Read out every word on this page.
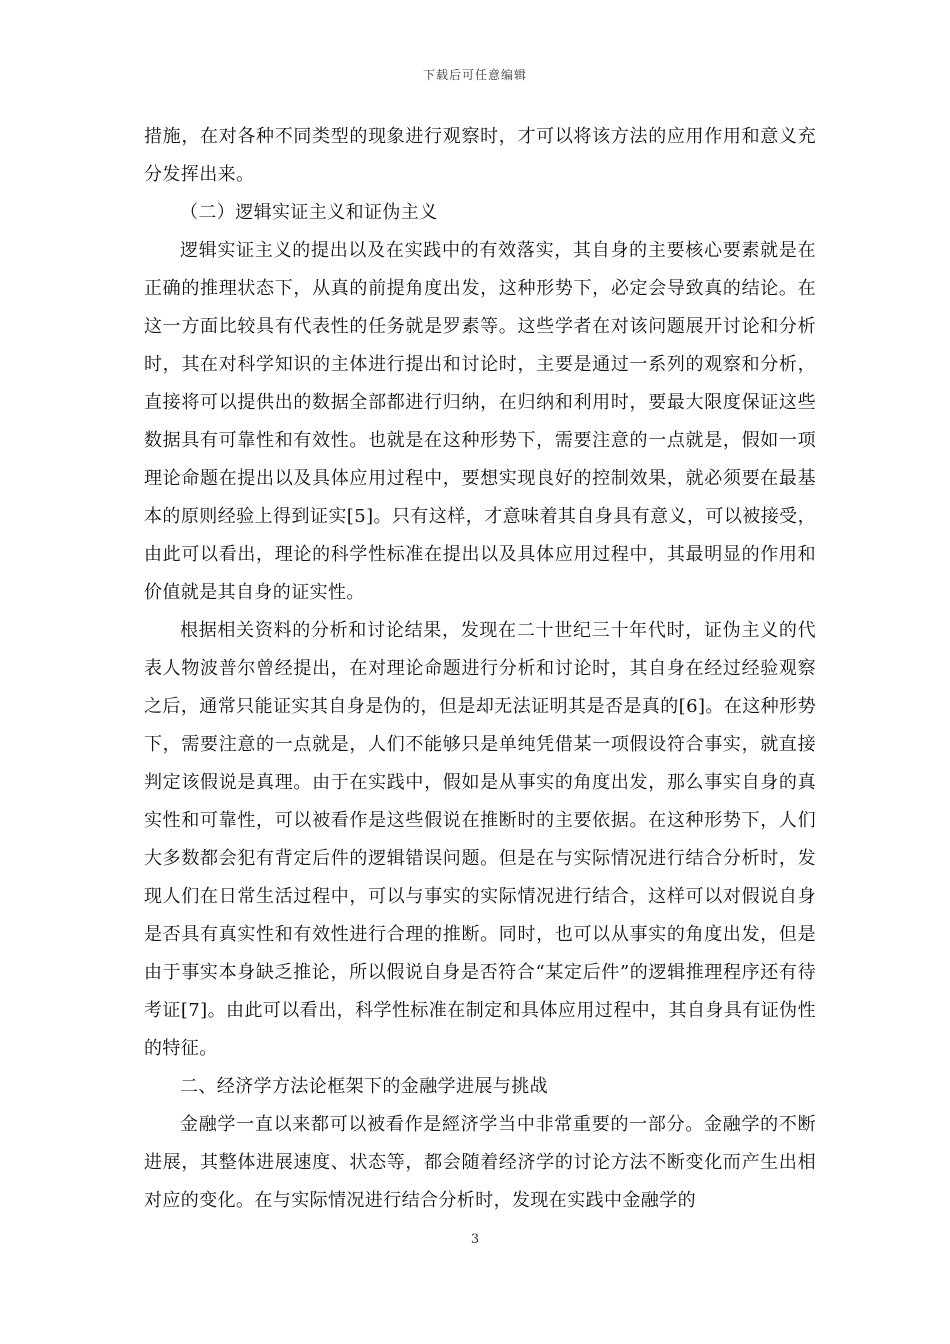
下载后可任意编辑

措施，在对各种不同类型的现象进行观察时，才可以将该方法的应用作用和意义充分发挥出来。

（二）逻辑实证主义和证伪主义

逻辑实证主义的提出以及在实践中的有效落实，其自身的主要核心要素就是在正确的推理状态下，从真的前提角度出发，这种形势下，必定会导致真的结论。在这一方面比较具有代表性的任务就是罗素等。这些学者在对该问题展开讨论和分析时，其在对科学知识的主体进行提出和讨论时，主要是通过一系列的观察和分析，直接将可以提供出的数据全部都进行归纳，在归纳和利用时，要最大限度保证这些数据具有可靠性和有效性。也就是在这种形势下，需要注意的一点就是，假如一项理论命题在提出以及具体应用过程中，要想实现良好的控制效果，就必须要在最基本的原则经验上得到证实[5]。只有这样，才意味着其自身具有意义，可以被接受，由此可以看出，理论的科学性标准在提出以及具体应用过程中，其最明显的作用和价值就是其自身的证实性。

根据相关资料的分析和讨论结果，发现在二十世纪三十年代时，证伪主义的代表人物波普尔曾经提出，在对理论命题进行分析和讨论时，其自身在经过经验观察之后，通常只能证实其自身是伪的，但是却无法证明其是否是真的[6]。在这种形势下，需要注意的一点就是，人们不能够只是单纯凭借某一项假设符合事实，就直接判定该假说是真理。由于在实践中，假如是从事实的角度出发，那么事实自身的真实性和可靠性，可以被看作是这些假说在推断时的主要依据。在这种形势下，人们大多数都会犯有背定后件的逻辑错误问题。但是在与实际情况进行结合分析时，发现人们在日常生活过程中，可以与事实的实际情况进行结合，这样可以对假说自身是否具有真实性和有效性进行合理的推断。同时，也可以从事实的角度出发，但是由于事实本身缺乏推论，所以假说自身是否符合“某定后件”的逻辑推理程序还有待考证[7]。由此可以看出，科学性标准在制定和具体应用过程中，其自身具有证伪性的特征。

二、经济学方法论框架下的金融学进展与挑战

金融学一直以来都可以被看作是經济学当中非常重要的一部分。金融学的不断进展，其整体进展速度、状态等，都会随着经济学的讨论方法不断变化而产生出相对应的变化。在与实际情况进行结合分析时，发现在实践中金融学的

3
